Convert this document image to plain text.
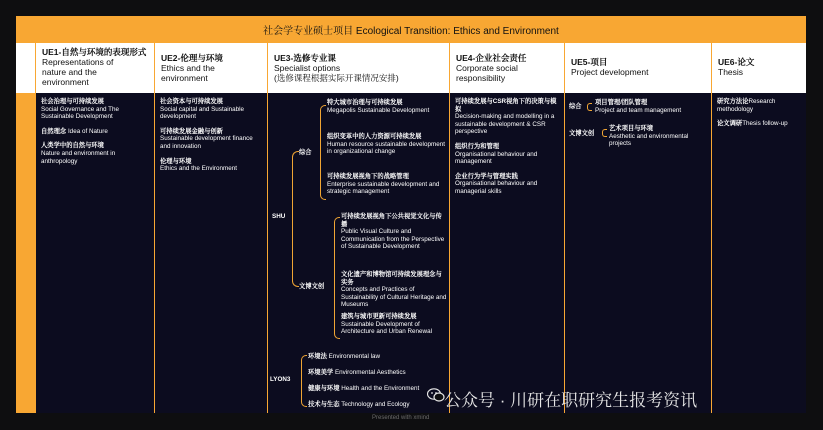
社会学专业硕士项目 Ecological Transition: Ethics and Environment
UE1-自然与环境的表现形式
Representations of
nature and the
environment
社会治理与可持续发展
Social Governance and The Sustainable Development
自然理念 Idea of Nature
人类学中的自然与环境
Nature and environment in anthropology
UE2-伦理与环境
Ethics and the
environment
社会资本与可持续发展
Social capital and Sustainable development
可持续发展金融与创新
Sustainable development finance and innovation
伦理与环境
Ethics and the Environment
UE3-选修专业课
Specialist options
(选修课程根据实际开课情况安排)
SHU
LYON3
综合
文博文创
特大城市治理与可持续发展
Megapolis Sustainable Development
组织变革中的人力资源可持续发展
Human resource sustainable development in organizational change
可持续发展视角下的战略管理
Enterprise sustainable development and strategic management
可持续发展视角下公共视觉文化与传播
Public Visual Culture and Communication from the Perspective of Sustainable Development
文化遗产和博物馆可持续发展理念与实务
Concepts and Practices of Sustainability of Cultural Heritage and Museums
建筑与城市更新可持续发展
Sustainable Development of Architecture and Urban Renewal
环境法 Environmental law
环境美学 Environmental Aesthetics
健康与环境 Health and the Environment
技术与生态 Technology and Ecology
UE4-企业社会责任
Corporate social
responsibility
可持续发展与CSR视角下的决策与模拟
Decision-making and modelling in a sustainable development & CSR perspective
组织行为和管理
Organisational behaviour and management
企业行为学与管理实践
Organisational behaviour and managerial skills
UE5-项目
Project development
综合
文博文创
项目管理/团队管理
Project and team management
艺术项目与环境
Aesthetic and environmental projects
UE6-论文
Thesis
研究方法论Research methodology
论文调研Thesis follow-up
公众号 · 川研在职研究生报考资讯
Presented with xmind
